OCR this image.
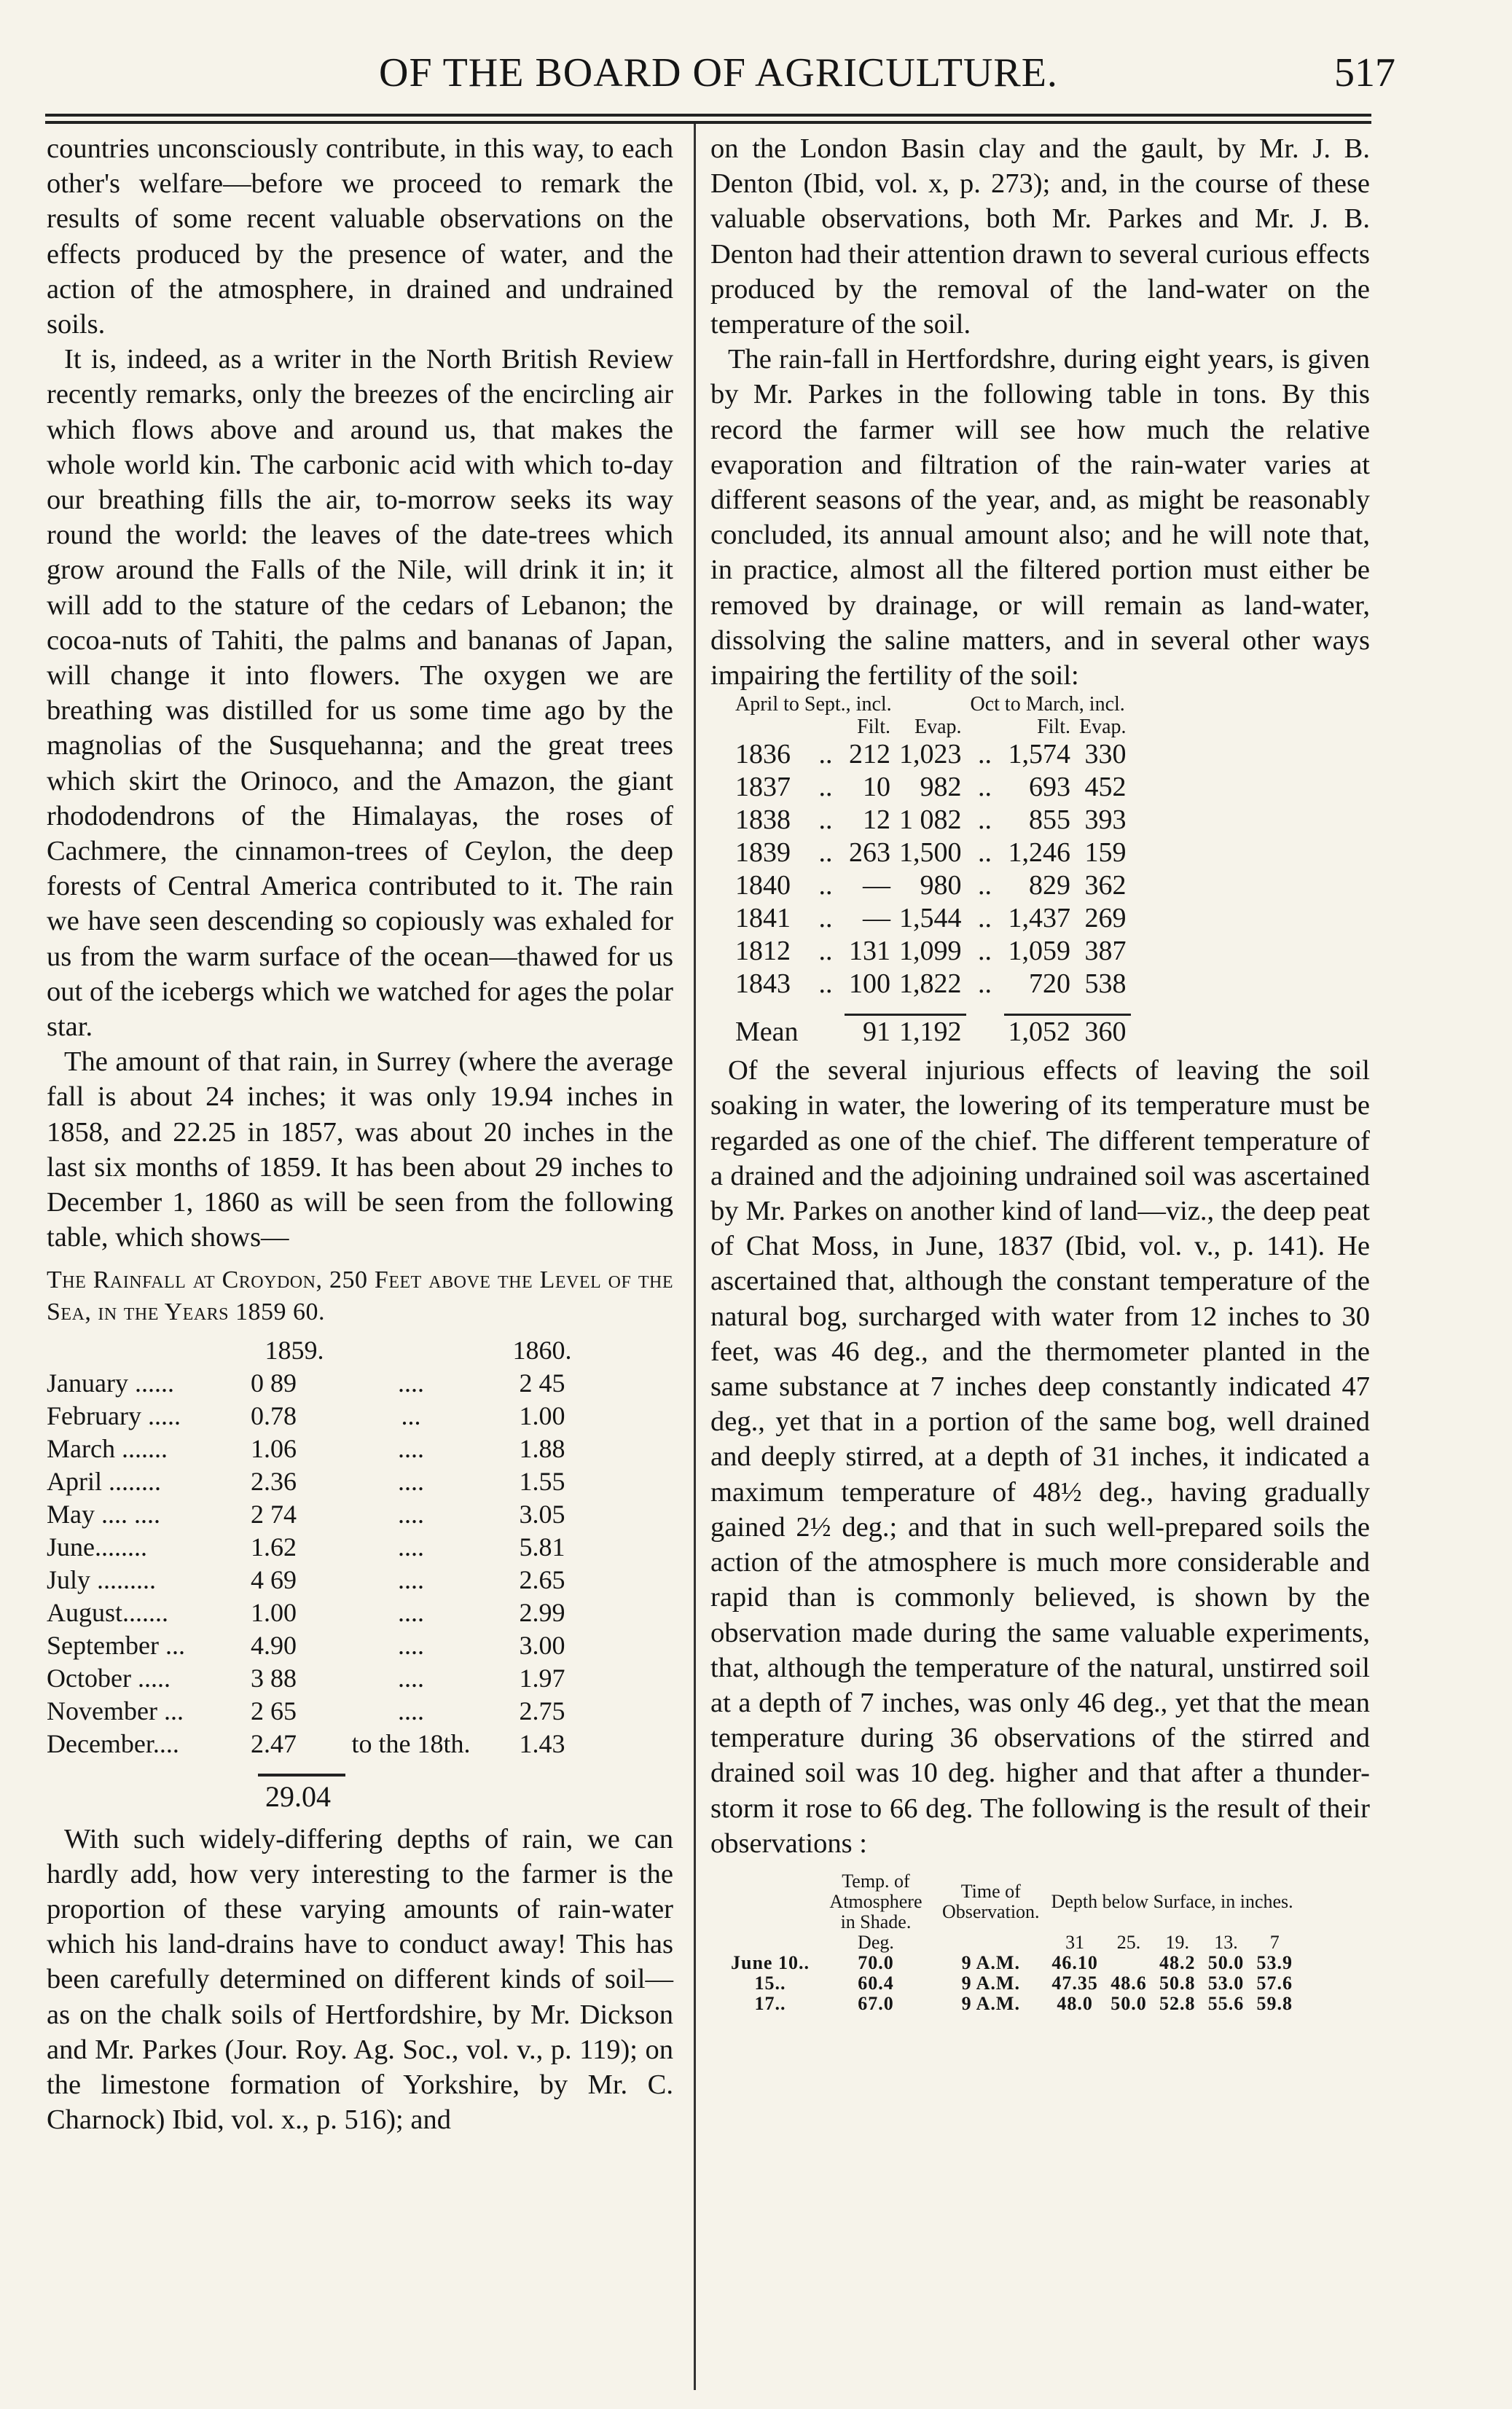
OF THE BOARD OF AGRICULTURE.	517

countries unconsciously contribute, in this way, to each other's welfare—before we proceed to remark the results of some recent valuable observations on the effects produced by the presence of water, and the action of the atmosphere, in drained and undrained soils.

It is, indeed, as a writer in the North British Review recently remarks, only the breezes of the encircling air which flows above and around us, that makes the whole world kin. The carbonic acid with which to-day our breathing fills the air, to-morrow seeks its way round the world: the leaves of the date-trees which grow around the Falls of the Nile, will drink it in; it will add to the stature of the cedars of Lebanon; the cocoa-nuts of Tahiti, the palms and bananas of Japan, will change it into flowers. The oxygen we are breathing was distilled for us some time ago by the magnolias of the Susquehanna; and the great trees which skirt the Orinoco, and the Amazon, the giant rhododendrons of the Himalayas, the roses of Cachmere, the cinnamon-trees of Ceylon, the deep forests of Central America contributed to it. The rain we have seen descending so copiously was exhaled for us from the warm surface of the ocean—thawed for us out of the icebergs which we watched for ages the polar star.

The amount of that rain, in Surrey (where the average fall is about 24 inches; it was only 19.94 inches in 1858, and 22.25 in 1857, was about 20 inches in the last six months of 1859. It has been about 29 inches to December 1, 1860 as will be seen from the following table, which shows—

The Rainfall at Croydon, 250 Feet above the Level of the Sea, in the Years 1859 60.

	1859.		1860.
January ......	0 89	....	2 45
February .....	0.78	...	1.00
March .......	1.06	....	1.88
April ........	2.36	....	1.55
May .... ....	2 74	....	3.05
June........	1.62	....	5.81
July .........	4 69	....	2.65
August.......	1.00	....	2.99
September ...	4.90	....	3.00
October .....	3 88	....	1.97
November ...	2 65	....	2.75
December....	2.47	to the 18th.	1.43
29.04

With such widely-differing depths of rain, we can hardly add, how very interesting to the farmer is the proportion of these varying amounts of rain-water which his land-drains have to conduct away! This has been carefully determined on different kinds of soil—as on the chalk soils of Hertfordshire, by Mr. Dickson and Mr. Parkes (Jour. Roy. Ag. Soc., vol. v., p. 119); on the limestone formation of Yorkshire, by Mr. C. Charnock) Ibid, vol. x., p. 516); and

on the London Basin clay and the gault, by Mr. J. B. Denton (Ibid, vol. x, p. 273); and, in the course of these valuable observations, both Mr. Parkes and Mr. J. B. Denton had their attention drawn to several curious effects produced by the removal of the land-water on the temperature of the soil.

The rain-fall in Hertfordshre, during eight years, is given by Mr. Parkes in the following table in tons. By this record the farmer will see how much the relative evaporation and filtration of the rain-water varies at different seasons of the year, and, as might be reasonably concluded, its annual amount also; and he will note that, in practice, almost all the filtered portion must either be removed by drainage, or will remain as land-water, dissolving the saline matters, and in several other ways impairing the fertility of the soil:

April to Sept., incl.				Oct to March, incl.		
		Filt.	Evap.		Filt.	Evap.
1836	..	212	1,023	..	1,574	330
1837	..	10	982	..	693	452
1838	..	12	1 082	..	855	393
1839	..	263	1,500	..	1,246	159
1840	..	—	980	..	829	362
1841	..	—	1,544	..	1,437	269
1812	..	131	1,099	..	1,059	387
1843	..	100	1,822	..	720	538

Mean		91	1,192		1,052	360

Of the several injurious effects of leaving the soil soaking in water, the lowering of its temperature must be regarded as one of the chief. The different temperature of a drained and the adjoining undrained soil was ascertained by Mr. Parkes on another kind of land—viz., the deep peat of Chat Moss, in June, 1837 (Ibid, vol. v., p. 141). He ascertained that, although the constant temperature of the natural bog, surcharged with water from 12 inches to 30 feet, was 46 deg., and the thermometer planted in the same substance at 7 inches deep constantly indicated 47 deg., yet that in a portion of the same bog, well drained and deeply stirred, at a depth of 31 inches, it indicated a maximum temperature of 48½ deg., having gradually gained 2½ deg.; and that in such well-prepared soils the action of the atmosphere is much more considerable and rapid than is commonly believed, is shown by the observation made during the same valuable experiments, that, although the temperature of the natural, unstirred soil at a depth of 7 inches, was only 46 deg., yet that the mean temperature during 36 observations of the stirred and drained soil was 10 deg. higher and that after a thunder-storm it rose to 66 deg. The following is the result of their observations :

	Temp. of Atmosphere in Shade.	Time of Observation.	Depth below Surface, in inches.				
	Deg.		31	25.	19.	13.	7
June 10..	70.0	9 A.M.	46.10		48.2	50.0	53.9
15..	60.4	9 A.M.	47.35	48.6	50.8	53.0	57.6
17..	67.0	9 A.M.	48.0	50.0	52.8	55.6	59.8
